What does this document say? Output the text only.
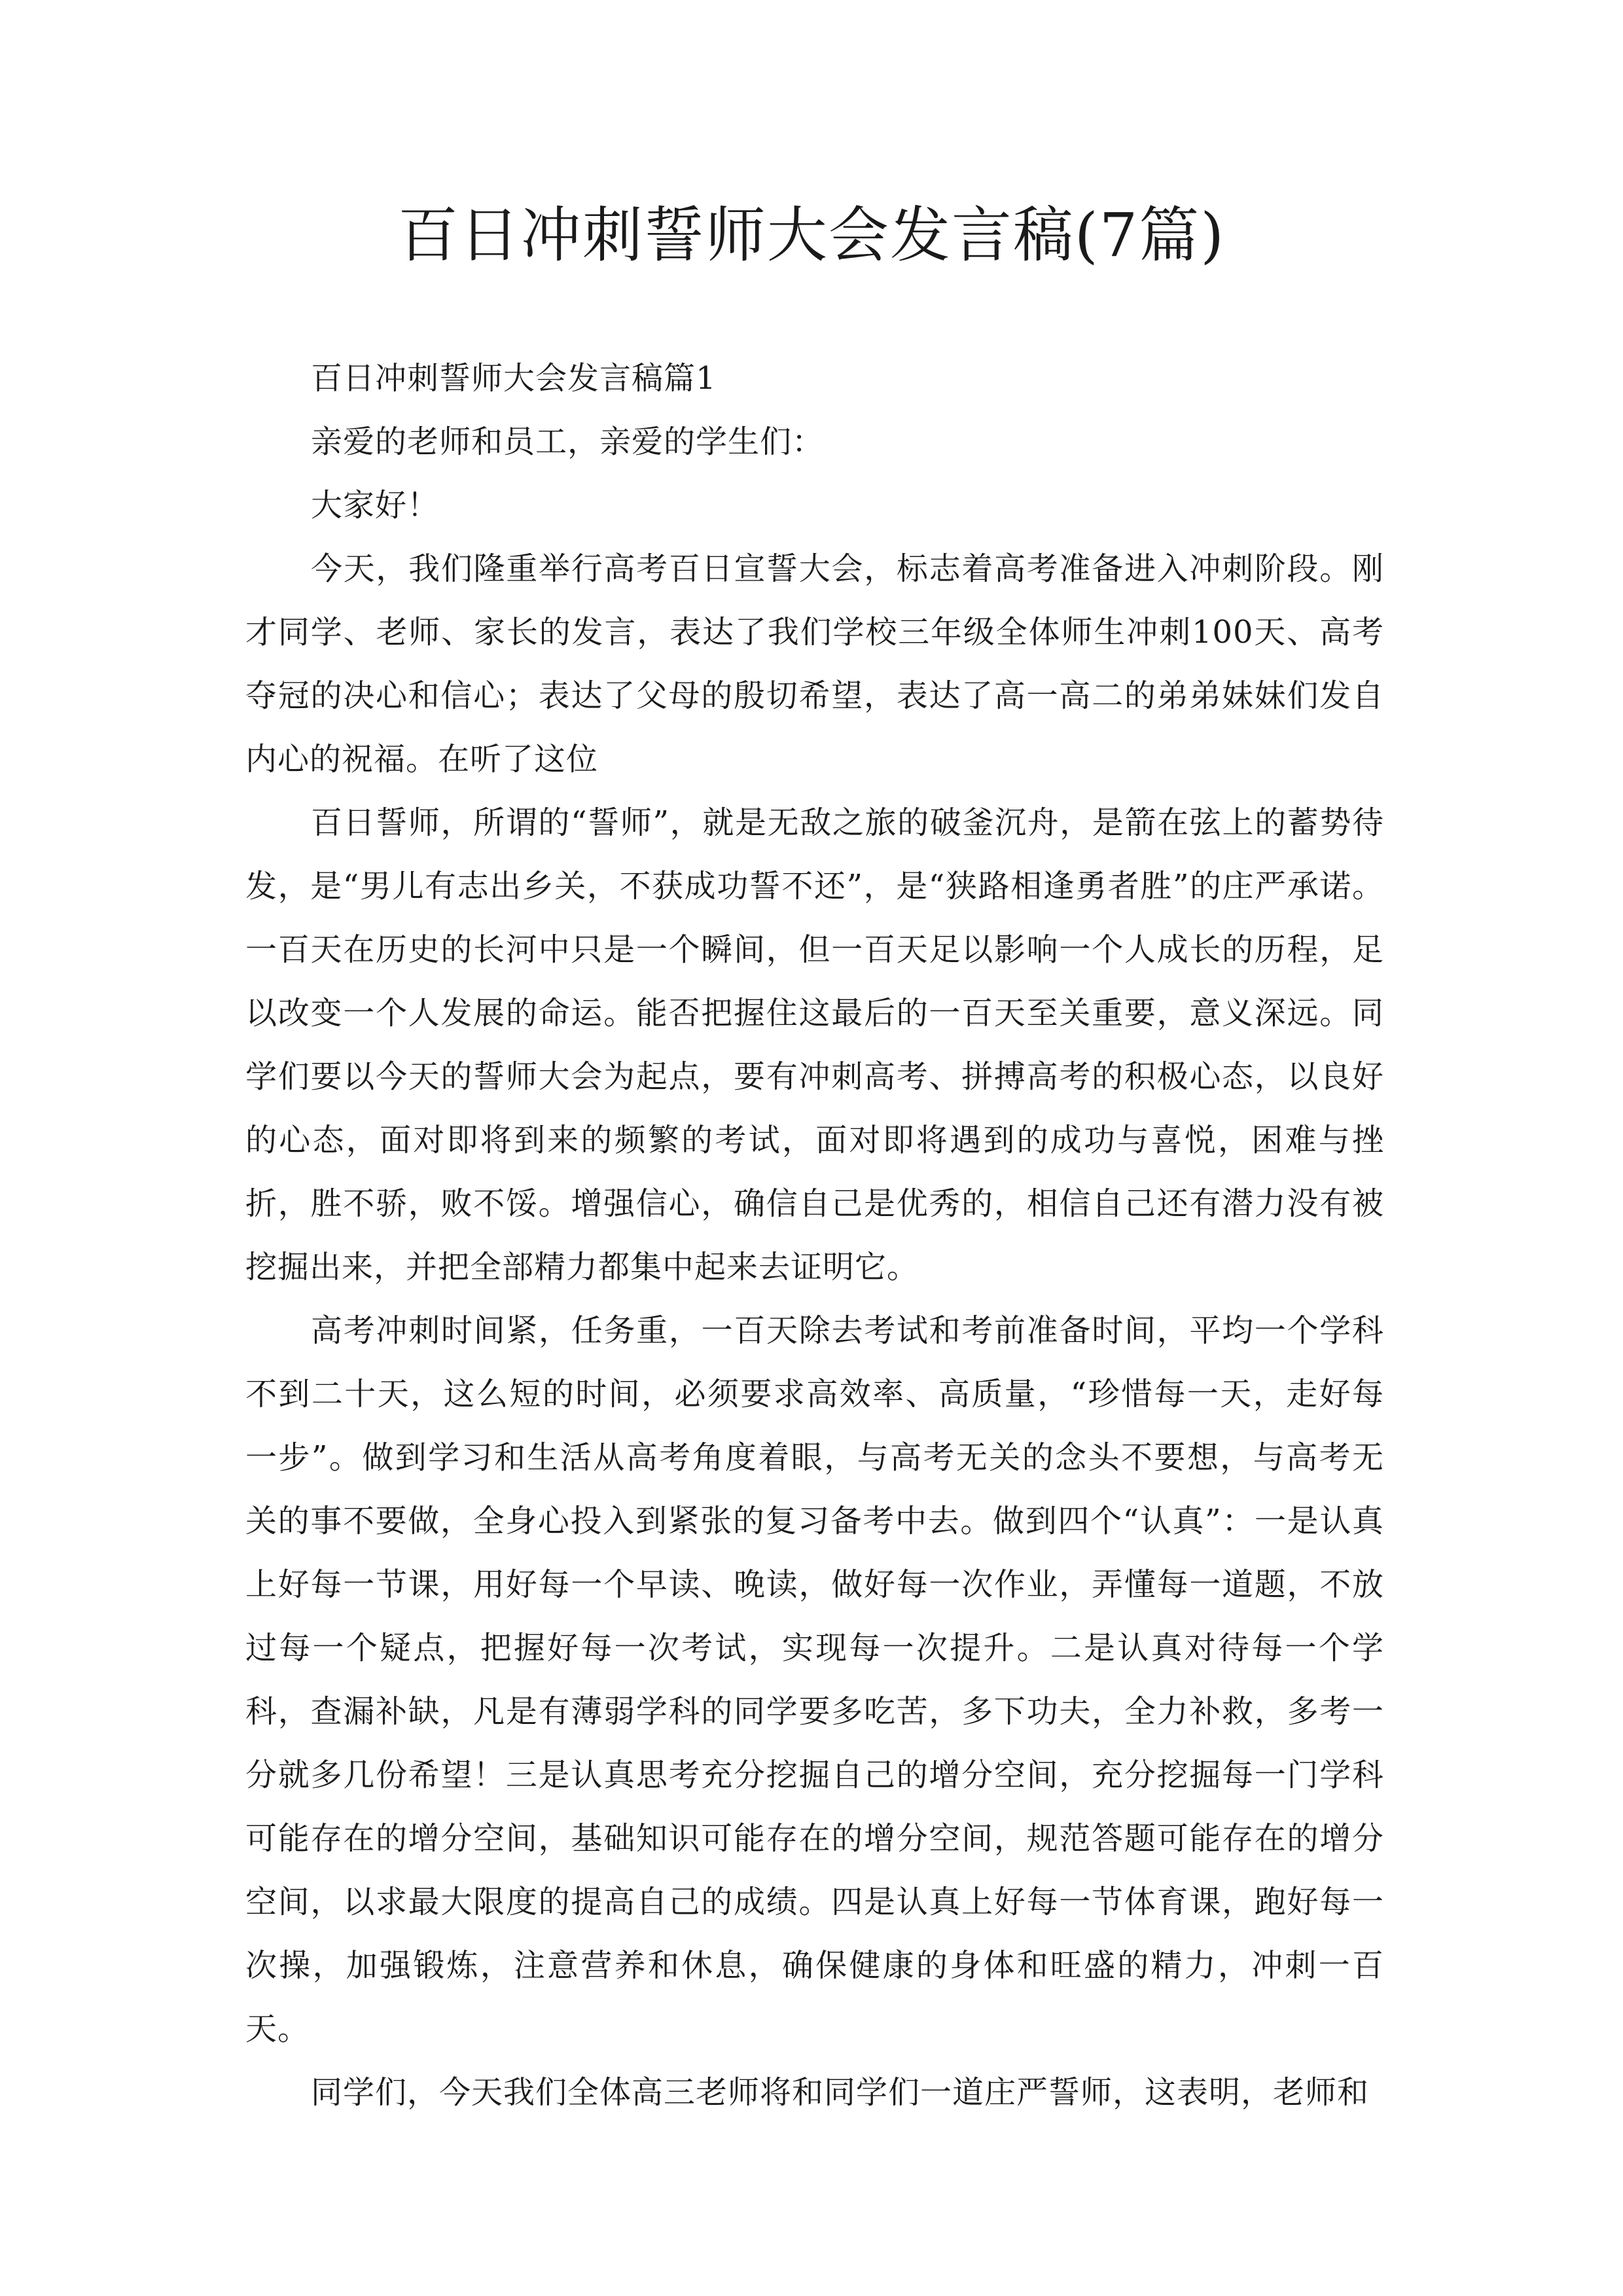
百日冲刺誓师大会发言稿(7篇)

百日冲刺誓师大会发言稿篇1

亲爱的老师和员工，亲爱的学生们：

大家好！

今天，我们隆重举行高考百日宣誓大会，标志着高考准备进入冲刺阶段。刚才同学、老师、家长的发言，表达了我们学校三年级全体师生冲刺100天、高考夺冠的决心和信心；表达了父母的殷切希望，表达了高一高二的弟弟妹妹们发自内心的祝福。在听了这位

百日誓师，所谓的“誓师”，就是无敌之旅的破釜沉舟，是箭在弦上的蓄势待发，是“男儿有志出乡关，不获成功誓不还”，是“狭路相逢勇者胜”的庄严承诺。一百天在历史的长河中只是一个瞬间，但一百天足以影响一个人成长的历程，足以改变一个人发展的命运。能否把握住这最后的一百天至关重要，意义深远。同学们要以今天的誓师大会为起点，要有冲刺高考、拼搏高考的积极心态，以良好的心态，面对即将到来的频繁的考试，面对即将遇到的成功与喜悦，困难与挫折，胜不骄，败不馁。增强信心，确信自己是优秀的，相信自己还有潜力没有被挖掘出来，并把全部精力都集中起来去证明它。

高考冲刺时间紧，任务重，一百天除去考试和考前准备时间，平均一个学科不到二十天，这么短的时间，必须要求高效率、高质量，“珍惜每一天，走好每一步”。做到学习和生活从高考角度着眼，与高考无关的念头不要想，与高考无关的事不要做，全身心投入到紧张的复习备考中去。做到四个“认真”：一是认真上好每一节课，用好每一个早读、晚读，做好每一次作业，弄懂每一道题，不放过每一个疑点，把握好每一次考试，实现每一次提升。二是认真对待每一个学科，查漏补缺，凡是有薄弱学科的同学要多吃苦，多下功夫，全力补救，多考一分就多几份希望！三是认真思考充分挖掘自己的增分空间，充分挖掘每一门学科可能存在的增分空间，基础知识可能存在的增分空间，规范答题可能存在的增分空间，以求最大限度的提高自己的成绩。四是认真上好每一节体育课，跑好每一次操，加强锻炼，注意营养和休息，确保健康的身体和旺盛的精力，冲刺一百天。

同学们，今天我们全体高三老师将和同学们一道庄严誓师，这表明，老师和
